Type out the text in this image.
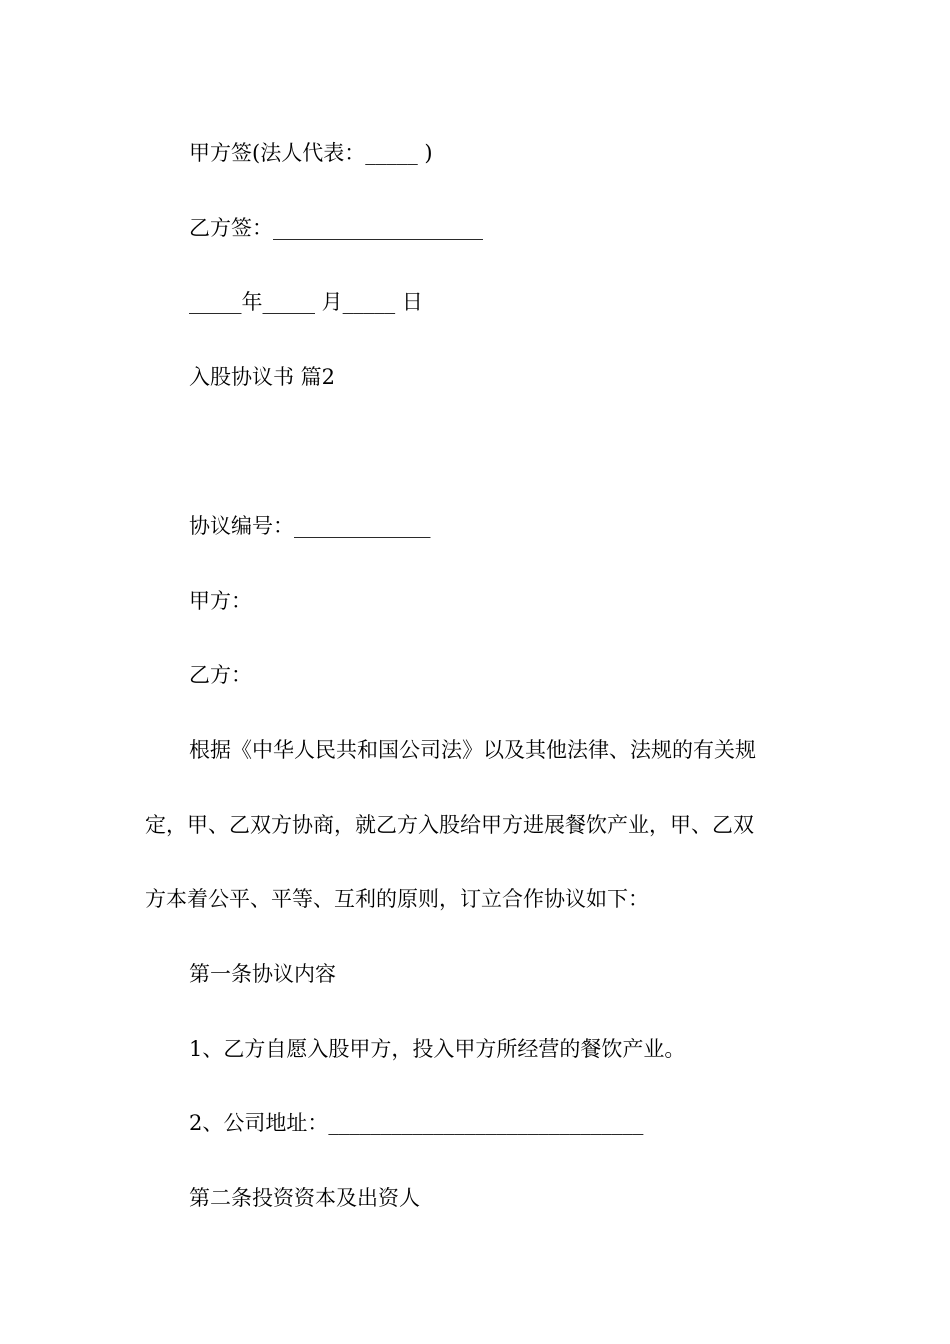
甲方签(法人代表：_____ )
乙方签：____________________
_____年_____ 月_____ 日
入股协议书 篇2
协议编号：_____________
甲方：
乙方：
根据《中华人民共和国公司法》以及其他法律、法规的有关规
定，甲、乙双方协商，就乙方入股给甲方进展餐饮产业，甲、乙双
方本着公平、平等、互利的原则，订立合作协议如下：
第一条协议内容
1、乙方自愿入股甲方，投入甲方所经营的餐饮产业。
2、公司地址：______________________________
第二条投资资本及出资人
